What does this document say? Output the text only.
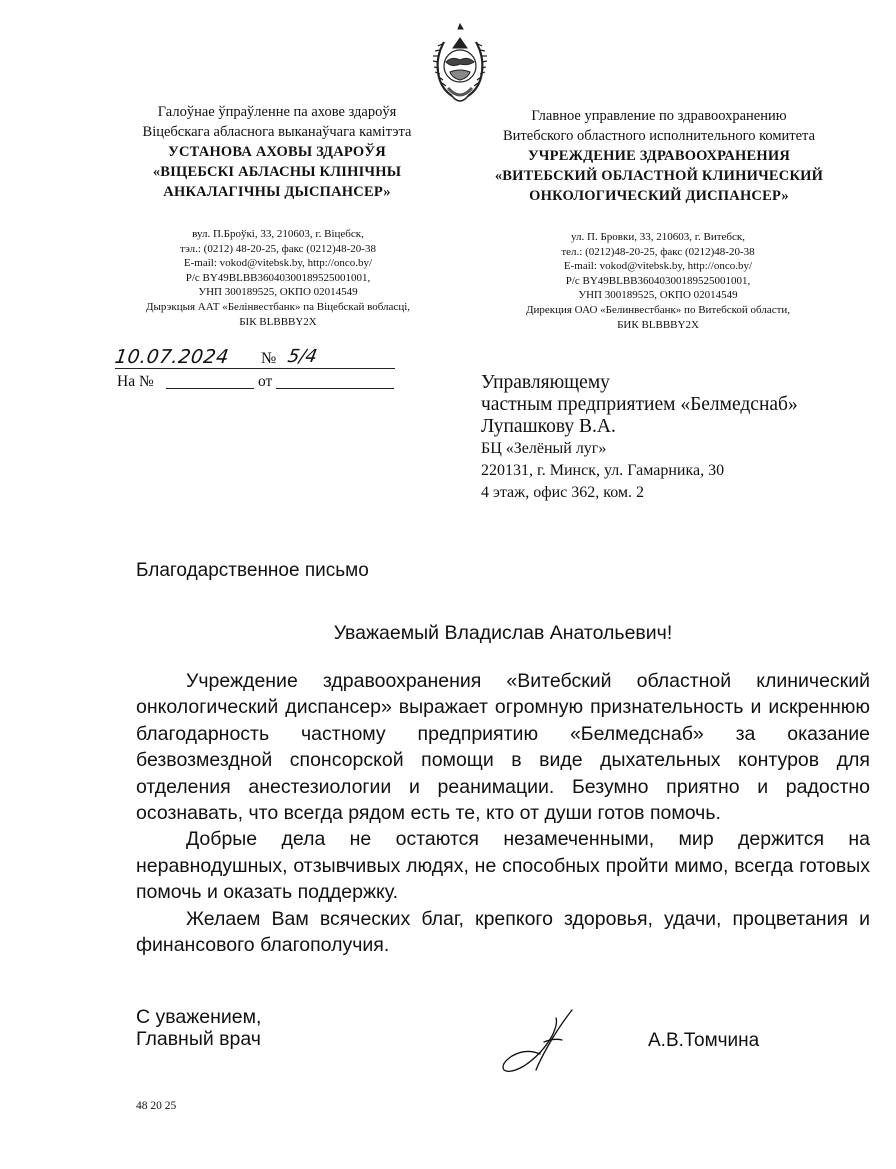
Галоўнае ўпраўленне па ахове здароўя
Віцебскага абласнога выканаўчага камітэта
УСТАНОВА АХОВЫ ЗДАРОЎЯ
«ВІЦЕБСКІ АБЛАСНЫ КЛІНІЧНЫ
АНКАЛАГІЧНЫ ДЫСПАНСЕР»
Главное управление по здравоохранению
Витебского областного исполнительного комитета
УЧРЕЖДЕНИЕ ЗДРАВООХРАНЕНИЯ
«ВИТЕБСКИЙ ОБЛАСТНОЙ КЛИНИЧЕСКИЙ
ОНКОЛОГИЧЕСКИЙ ДИСПАНСЕР»
вул. П.Броўкі, 33, 210603, г. Віцебск,
тэл.: (0212) 48-20-25, факс (0212)48-20-38
E-mail: vokod@vitebsk.by, http://onco.by/
Р/с BY49BLBB36040300189525001001,
УНП 300189525, ОКПО 02014549
Дырэкцыя ААТ «Белінвестбанк» па Віцебскай вобласці,
БІК BLBBBY2X
ул. П. Бровки, 33, 210603, г. Витебск,
тел.: (0212)48-20-25, факс (0212)48-20-38
E-mail: vokod@vitebsk.by, http://onco.by/
Р/с BY49BLBB36040300189525001001,
УНП 300189525, ОКПО 02014549
Дирекция ОАО «Белинвестбанк» по Витебской области,
БИК BLBBBY2X
10.07.2024 № 5/4
На №	от	Управляющему
частным предприятием «Белмедснаб»
Лупашкову В.А.
БЦ «Зелёный луг»
220131, г. Минск, ул. Гамарника, 30
4 этаж, офис 362, ком. 2
Благодарственное письмо
Уважаемый Владислав Анатольевич!

Учреждение здравоохранения «Витебский областной клинический онкологический диспансер» выражает огромную признательность и искреннюю благодарность частному предприятию «Белмедснаб» за оказание безвозмездной спонсорской помощи в виде дыхательных контуров для отделения анестезиологии и реанимации. Безумно приятно и радостно осознавать, что всегда рядом есть те, кто от души готов помочь.

Добрые дела не остаются незамеченными, мир держится на неравнодушных, отзывчивых людях, не способных пройти мимо, всегда готовых помочь и оказать поддержку.

Желаем Вам всяческих благ, крепкого здоровья, удачи, процветания и финансового благополучия.

С уважением,
Главный врач	А.В.Томчина
48 20 25
